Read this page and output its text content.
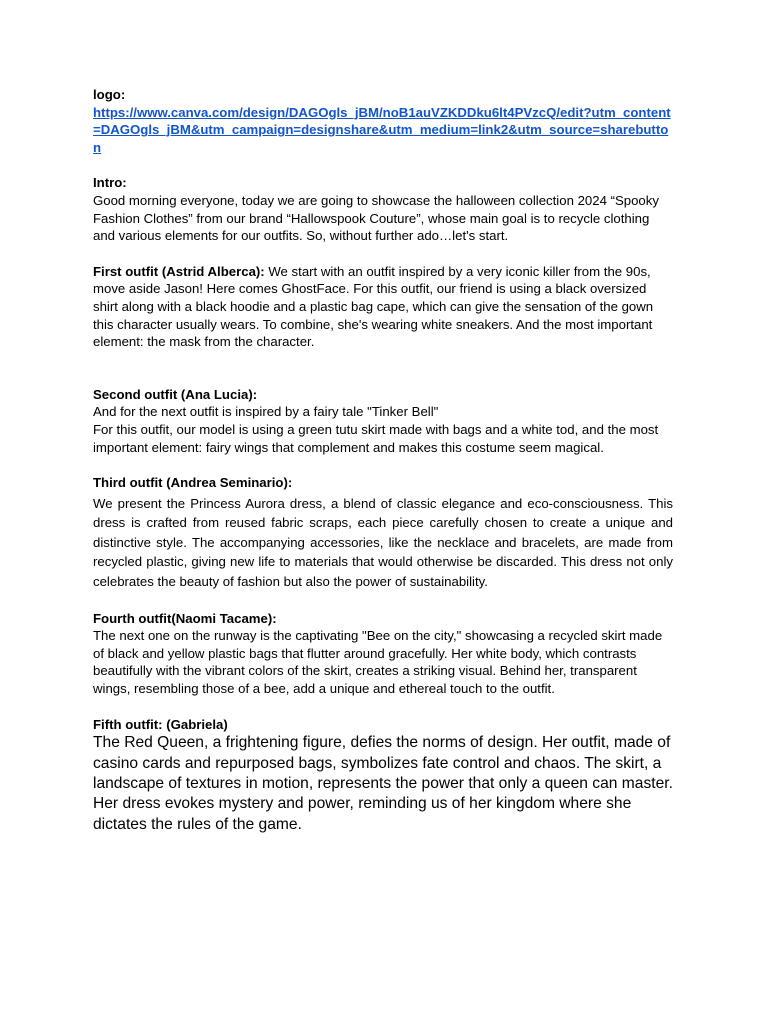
logo:

https://www.canva.com/design/DAGOgls_jBM/noB1auVZKDDku6lt4PVzcQ/edit?utm_content=DAGOgls_jBM&utm_campaign=designshare&utm_medium=link2&utm_source=sharebutton

Intro:

Good morning everyone, today we are going to showcase the halloween collection 2024 “Spooky Fashion Clothes” from our brand “Hallowspook Couture”, whose main goal is to recycle clothing and various elements for our outfits. So, without further ado…let's start.

First outfit (Astrid Alberca): We start with an outfit inspired by a very iconic killer from the 90s, move aside Jason! Here comes GhostFace. For this outfit, our friend is using a black oversized shirt along with a black hoodie and a plastic bag cape, which can give the sensation of the gown this character usually wears. To combine, she's wearing white sneakers. And the most important element: the mask from the character.

Second outfit (Ana Lucia):

And for the next outfit is inspired by a fairy tale "Tinker Bell"

For this outfit, our model is using a green tutu skirt made with bags and a white tod, and the most important element: fairy wings that complement and makes this costume seem magical.

Third outfit (Andrea Seminario):

We present the Princess Aurora dress, a blend of classic elegance and eco-consciousness. This dress is crafted from reused fabric scraps, each piece carefully chosen to create a unique and distinctive style. The accompanying accessories, like the necklace and bracelets, are made from recycled plastic, giving new life to materials that would otherwise be discarded. This dress not only celebrates the beauty of fashion but also the power of sustainability.

Fourth outfit(Naomi Tacame):

The next one on the runway is the captivating "Bee on the city," showcasing a recycled skirt made of black and yellow plastic bags that flutter around gracefully. Her white body, which contrasts beautifully with the vibrant colors of the skirt, creates a striking visual. Behind her, transparent wings, resembling those of a bee, add a unique and ethereal touch to the outfit.

Fifth outfit: (Gabriela)

The Red Queen, a frightening figure, defies the norms of design. Her outfit, made of casino cards and repurposed bags, symbolizes fate control and chaos. The skirt, a landscape of textures in motion, represents the power that only a queen can master. Her dress evokes mystery and power, reminding us of her kingdom where she dictates the rules of the game.
